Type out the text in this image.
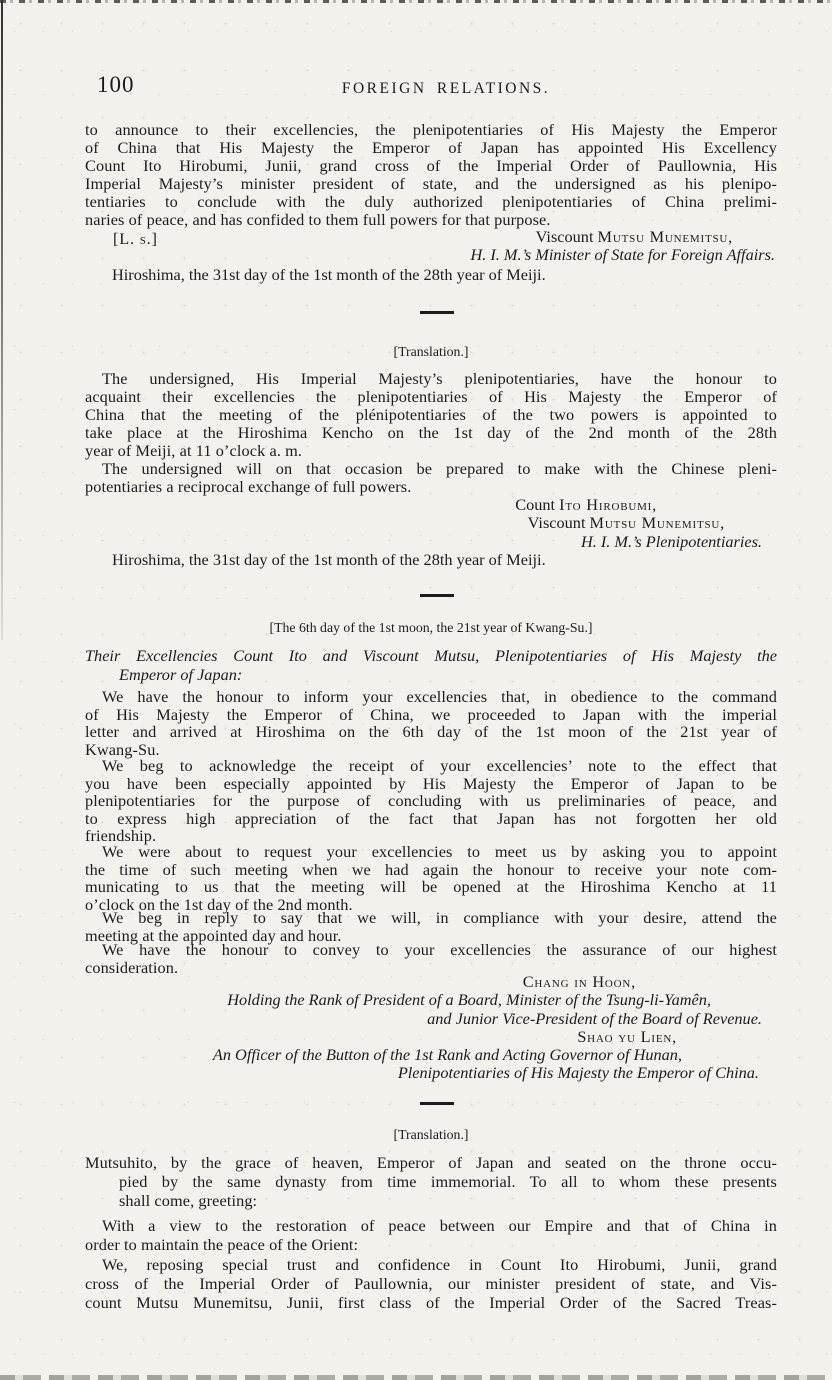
100	FOREIGN RELATIONS.
to announce to their excellencies, the plenipotentiaries of His Majesty the Emperor
of China that His Majesty the Emperor of Japan has appointed His Excellency
Count Ito Hirobumi, Junii, grand cross of the Imperial Order of Paullownia, His
Imperial Majesty’s minister president of state, and the undersigned as his plenipo-
tentiaries to conclude with the duly authorized plenipotentiaries of China prelimi-
naries of peace, and has confided to them full powers for that purpose.
[L. s.]	Viscount Mutsu Munemitsu,
H. I. M.’s Minister of State for Foreign Affairs.
Hiroshima, the 31st day of the 1st month of the 28th year of Meiji.
[Translation.]
The undersigned, His Imperial Majesty’s plenipotentiaries, have the honour to
acquaint their excellencies the plenipotentiaries of His Majesty the Emperor of
China that the meeting of the plénipotentiaries of the two powers is appointed to
take place at the Hiroshima Kencho on the 1st day of the 2nd month of the 28th
year of Meiji, at 11 o’clock a. m.
The undersigned will on that occasion be prepared to make with the Chinese pleni-
potentiaries a reciprocal exchange of full powers.
Count Ito Hirobumi,
Viscount Mutsu Munemitsu,
H. I. M.’s Plenipotentiaries.
Hiroshima, the 31st day of the 1st month of the 28th year of Meiji.
[The 6th day of the 1st moon, the 21st year of Kwang-Su.]
Their Excellencies Count Ito and Viscount Mutsu, Plenipotentiaries of His Majesty the
Emperor of Japan:
We have the honour to inform your excellencies that, in obedience to the command
of His Majesty the Emperor of China, we proceeded to Japan with the imperial
letter and arrived at Hiroshima on the 6th day of the 1st moon of the 21st year of
Kwang-Su.
We beg to acknowledge the receipt of your excellencies’ note to the effect that
you have been especially appointed by His Majesty the Emperor of Japan to be
plenipotentiaries for the purpose of concluding with us preliminaries of peace, and
to express high appreciation of the fact that Japan has not forgotten her old
friendship.
We were about to request your excellencies to meet us by asking you to appoint
the time of such meeting when we had again the honour to receive your note com-
municating to us that the meeting will be opened at the Hiroshima Kencho at 11
o’clock on the 1st day of the 2nd month.
We beg in reply to say that we will, in compliance with your desire, attend the
meeting at the appointed day and hour.
We have the honour to convey to your excellencies the assurance of our highest
consideration.
Chang in Hoon,
Holding the Rank of President of a Board, Minister of the Tsung-li-Yamên,
and Junior Vice-President of the Board of Revenue.
Shao yu Lien,
An Officer of the Button of the 1st Rank and Acting Governor of Hunan,
Plenipotentiaries of His Majesty the Emperor of China.
[Translation.]
Mutsuhito, by the grace of heaven, Emperor of Japan and seated on the throne occu-
pied by the same dynasty from time immemorial. To all to whom these presents
shall come, greeting:
With a view to the restoration of peace between our Empire and that of China in
order to maintain the peace of the Orient:
We, reposing special trust and confidence in Count Ito Hirobumi, Junii, grand
cross of the Imperial Order of Paullownia, our minister president of state, and Vis-
count Mutsu Munemitsu, Junii, first class of the Imperial Order of the Sacred Treas-
